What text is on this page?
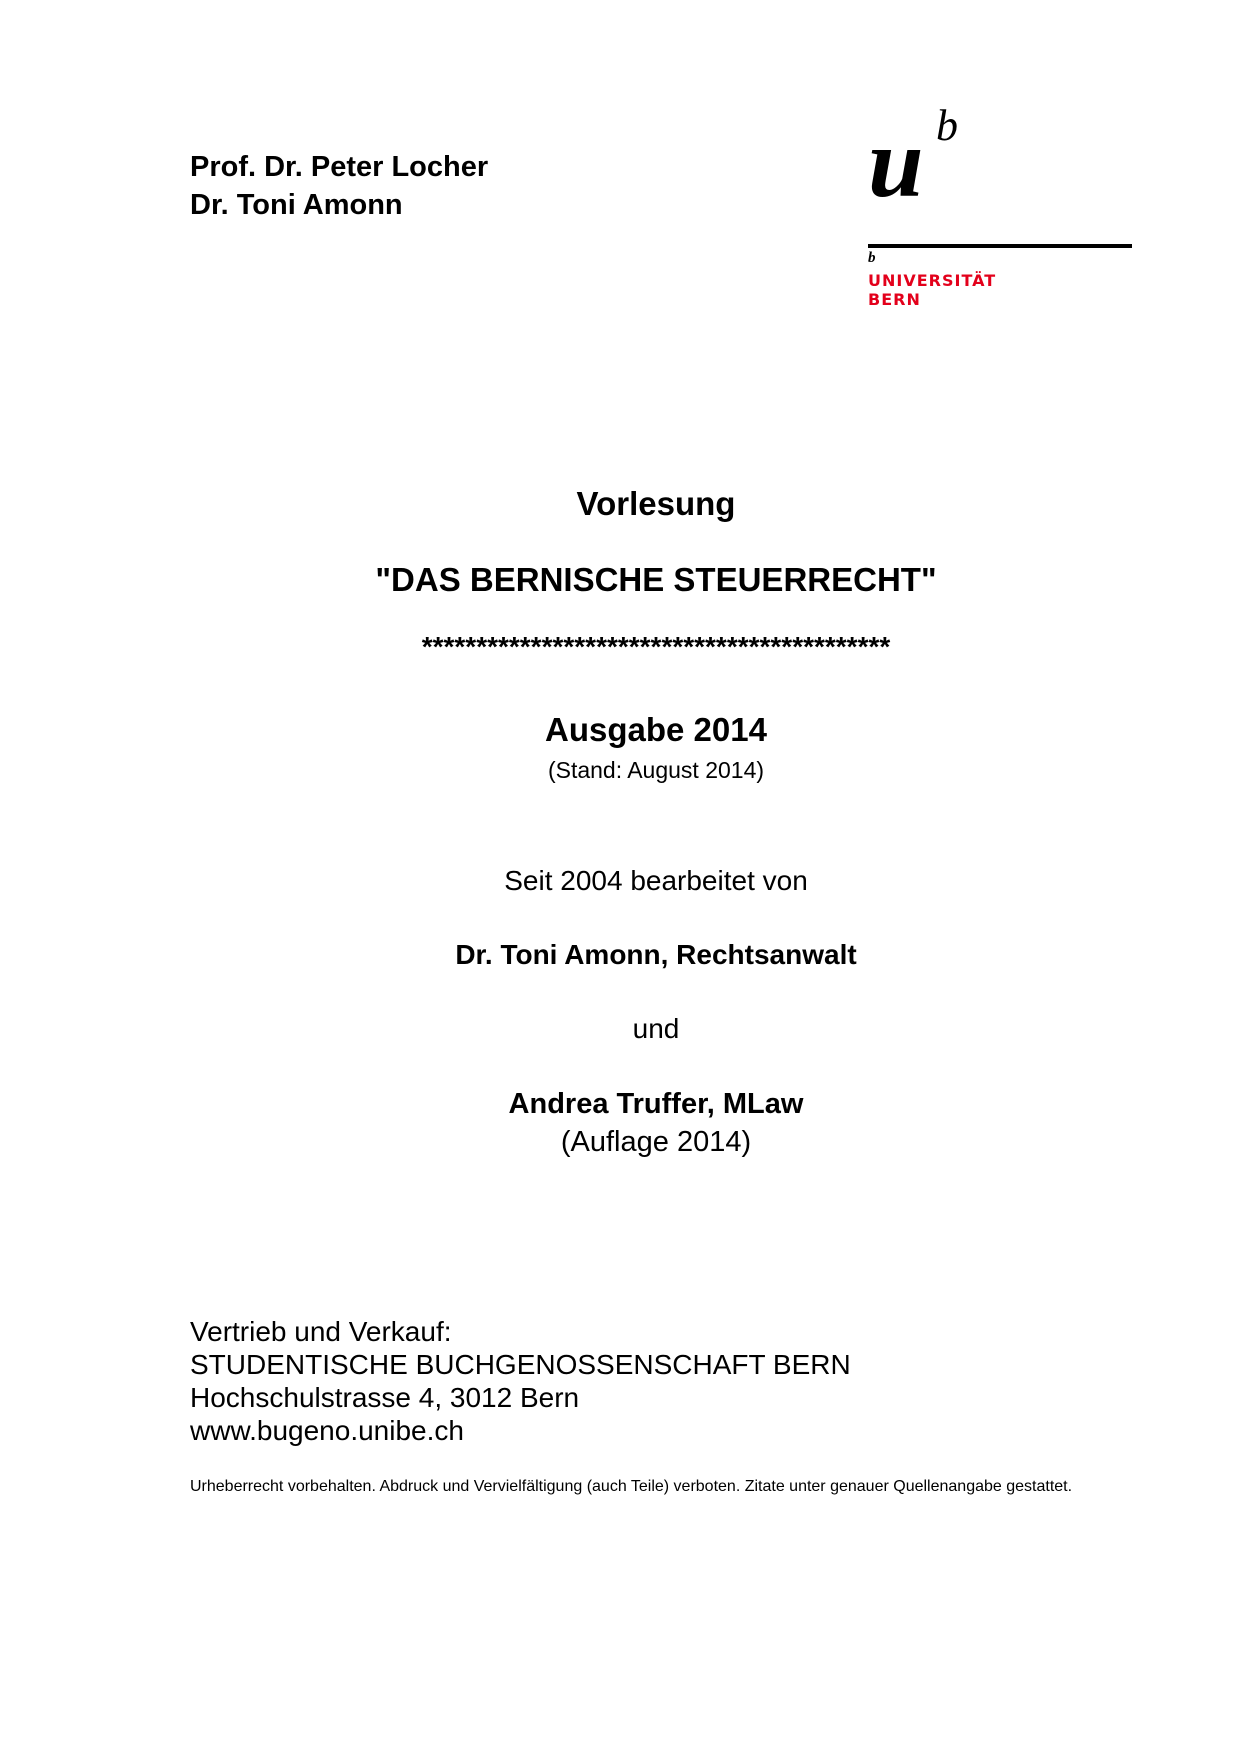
Prof. Dr. Peter Locher
Dr. Toni Amonn	u b
b
UNIVERSITÄT
BERN
Vorlesung
"DAS BERNISCHE STEUERRECHT"
*******************************************
Ausgabe 2014
(Stand: August 2014)
Seit 2004 bearbeitet von
Dr. Toni Amonn, Rechtsanwalt
und
Andrea Truffer, MLaw
(Auflage 2014)
Vertrieb und Verkauf:
STUDENTISCHE BUCHGENOSSENSCHAFT BERN
Hochschulstrasse 4, 3012 Bern
www.bugeno.unibe.ch
Urheberrecht vorbehalten. Abdruck und Vervielfältigung (auch Teile) verboten. Zitate unter genauer Quellenangabe gestattet.
